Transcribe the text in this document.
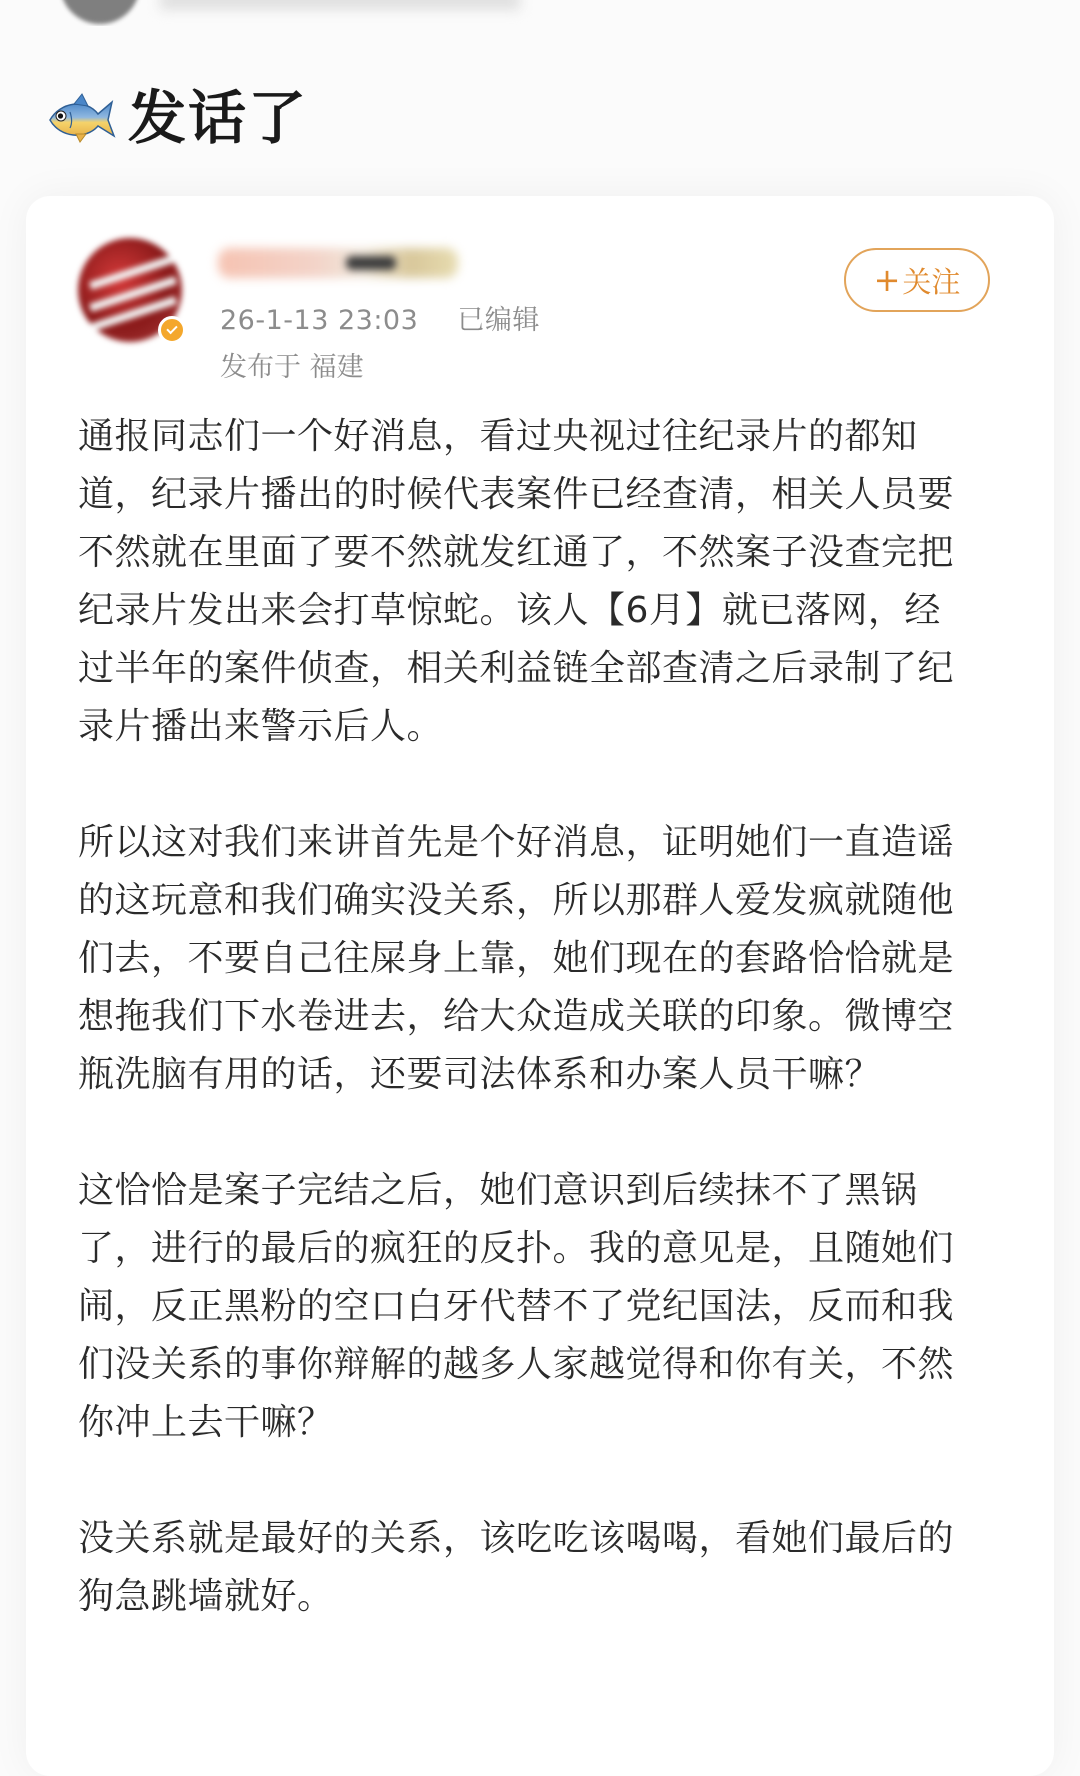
发话了
26-1-13 23:03 已编辑
发布于 福建
+ 关注

通报同志们一个好消息，看过央视过往纪录片的都知道，纪录片播出的时候代表案件已经查清，相关人员要不然就在里面了要不然就发红通了，不然案子没查完把纪录片发出来会打草惊蛇。该人【6月】就已落网，经过半年的案件侦查，相关利益链全部查清之后录制了纪录片播出来警示后人。

所以这对我们来讲首先是个好消息，证明她们一直造谣的这玩意和我们确实没关系，所以那群人爱发疯就随他们去，不要自己往屎身上靠，她们现在的套路恰恰就是想拖我们下水卷进去，给大众造成关联的印象。微博空瓶洗脑有用的话，还要司法体系和办案人员干嘛？

这恰恰是案子完结之后，她们意识到后续抹不了黑锅了，进行的最后的疯狂的反扑。我的意见是，且随她们闹，反正黑粉的空口白牙代替不了党纪国法，反而和我们没关系的事你辩解的越多人家越觉得和你有关，不然你冲上去干嘛？

没关系就是最好的关系，该吃吃该喝喝，看她们最后的狗急跳墙就好。
